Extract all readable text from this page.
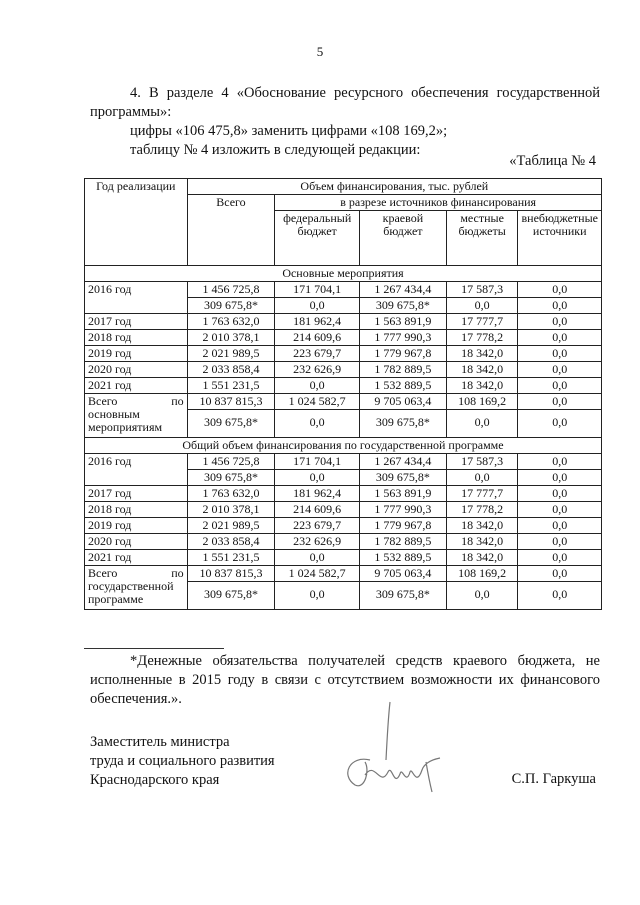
5
4. В разделе 4 «Обоснование ресурсного обеспечения государственной программы»:
цифры «106 475,8» заменить цифрами «108 169,2»;
таблицу № 4 изложить в следующей редакции:
«Таблица № 4
Год реализации	Объем финансирования, тыс. рублей				
	Всего	в разрезе источников финансирования			
		федеральный бюджет	краевой бюджет	местные бюджеты	внебюджетные источники
Основные мероприятия					
2016 год	1 456 725,8	171 704,1	1 267 434,4	17 587,3	0,0
	309 675,8*	0,0	309 675,8*	0,0	0,0
2017 год	1 763 632,0	181 962,4	1 563 891,9	17 777,7	0,0
2018 год	2 010 378,1	214 609,6	1 777 990,3	17 778,2	0,0
2019 год	2 021 989,5	223 679,7	1 779 967,8	18 342,0	0,0
2020 год	2 033 858,4	232 626,9	1 782 889,5	18 342,0	0,0
2021 год	1 551 231,5	0,0	1 532 889,5	18 342,0	0,0
Всего по основным мероприятиям	10 837 815,3	1 024 582,7	9 705 063,4	108 169,2	0,0
	309 675,8*	0,0	309 675,8*	0,0	0,0
Общий объем финансирования по государственной программе					
2016 год	1 456 725,8	171 704,1	1 267 434,4	17 587,3	0,0
	309 675,8*	0,0	309 675,8*	0,0	0,0
2017 год	1 763 632,0	181 962,4	1 563 891,9	17 777,7	0,0
2018 год	2 010 378,1	214 609,6	1 777 990,3	17 778,2	0,0
2019 год	2 021 989,5	223 679,7	1 779 967,8	18 342,0	0,0
2020 год	2 033 858,4	232 626,9	1 782 889,5	18 342,0	0,0
2021 год	1 551 231,5	0,0	1 532 889,5	18 342,0	0,0
Всего по государственной программе	10 837 815,3	1 024 582,7	9 705 063,4	108 169,2	0,0
	309 675,8*	0,0	309 675,8*	0,0	0,0
*Денежные обязательства получателей средств краевого бюджета, не исполненные в 2015 году в связи с отсутствием возможности их финансового обеспечения.».
Заместитель министра
труда и социального развития
Краснодарского края	С.П. Гаркуша
